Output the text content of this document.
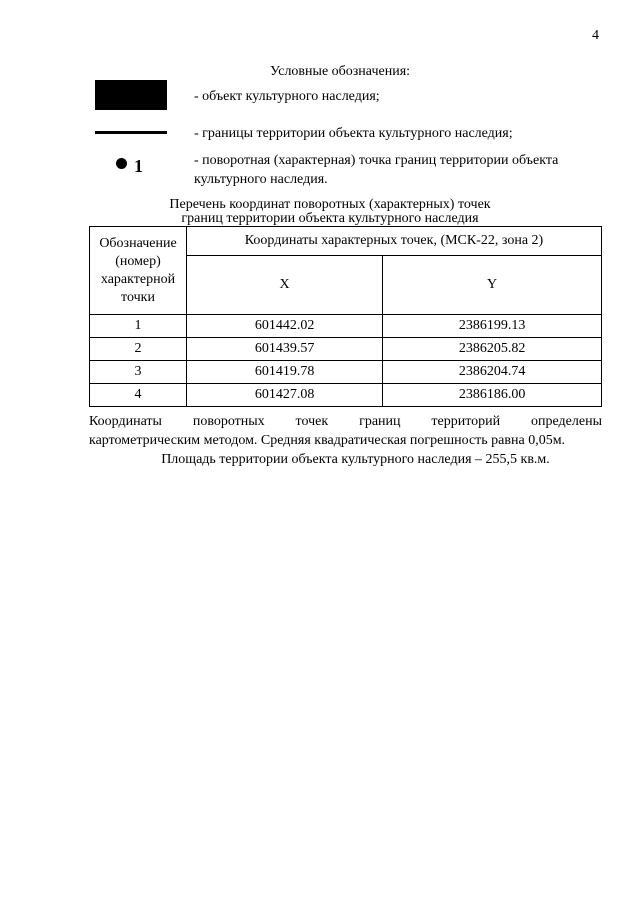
4
Условные обозначения:
- объект культурного наследия;
- границы территории объекта культурного наследия;
1	- поворотная (характерная) точка границ территории объекта культурного наследия.
Перечень координат поворотных (характерных) точек
границ территории объекта культурного наследия
Обозначение (номер) характерной точки	Координаты характерных точек, (МСК-22, зона 2)	
	X	Y
1	601442.02	2386199.13
2	601439.57	2386205.82
3	601419.78	2386204.74
4	601427.08	2386186.00
Координаты поворотных точек границ территорий определены
картометрическим методом. Средняя квадратическая погрешность равна 0,05м.
Площадь территории объекта культурного наследия – 255,5 кв.м.
